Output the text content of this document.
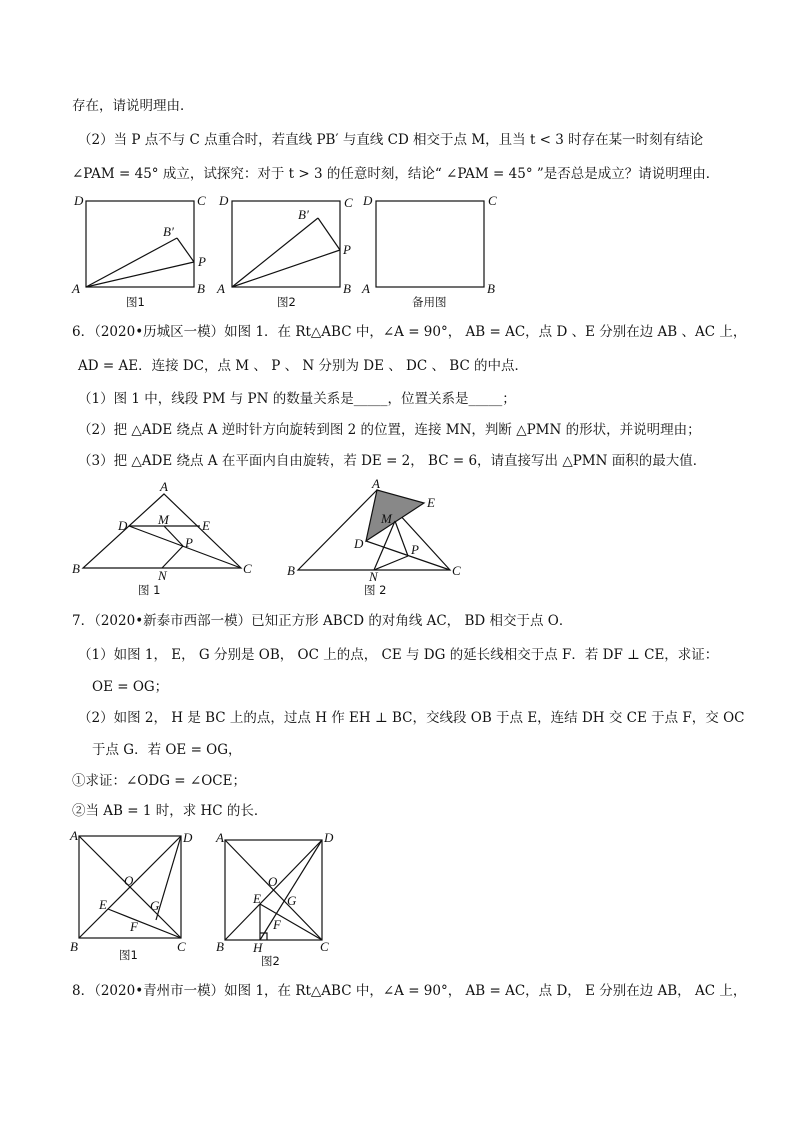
存在，请说明理由．
（2）当 P 点不与 C 点重合时，若直线 PB′ 与直线 CD 相交于点 M，且当 t < 3 时存在某一时刻有结论
∠PAM = 45° 成立，试探究：对于 t > 3 的任意时刻，结论“ ∠PAM = 45° ”是否总是成立？请说明理由．
6．（2020•历城区一模）如图 1．在 Rt△ABC 中，∠A = 90°， AB = AC，点 D 、E 分别在边 AB 、AC 上，
AD = AE．连接 DC，点 M 、 P 、 N 分别为 DE 、 DC 、 BC 的中点．
（1）图 1 中，线段 PM 与 PN 的数量关系是_____，位置关系是_____；
（2）把 △ADE 绕点 A 逆时针方向旋转到图 2 的位置，连接 MN，判断 △PMN 的形状，并说明理由；
（3）把 △ADE 绕点 A 在平面内自由旋转，若 DE = 2， BC = 6，请直接写出 △PMN 面积的最大值．
7．（2020•新泰市西部一模）已知正方形 ABCD 的对角线 AC， BD 相交于点 O．
（1）如图 1， E， G 分别是 OB， OC 上的点， CE 与 DG 的延长线相交于点 F．若 DF ⊥ CE，求证：
OE = OG；
（2）如图 2， H 是 BC 上的点，过点 H 作 EH ⊥ BC，交线段 OB 于点 E，连结 DH 交 CE 于点 F，交 OC
于点 G．若 OE = OG，
①求证：∠ODG = ∠OCE；
②当 AB = 1 时，求 HC 的长．
8．（2020•青州市一模）如图 1，在 Rt△ABC 中，∠A = 90°， AB = AC，点 D， E 分别在边 AB， AC 上，
D	C
A	B
P
B′
图1
D	C
A	B
P
B′
图2
D	C
A	B
备用图
A
D	E
M
P
B	C
N
图 1
A
E
M
D	P
B	C
N
图 2
A	D
B	C
O
E	G
F
图1
A	D
B	C
O
E G
F
H
图2
